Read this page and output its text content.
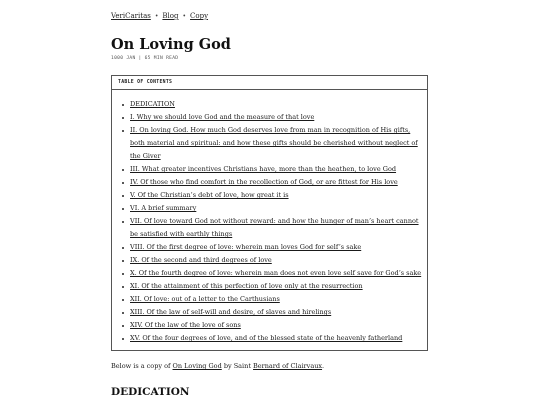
VeriCaritas • Blog • Copy
On Loving God
1000 JAN | 65 MIN READ
TABLE OF CONTENTS
DEDICATION
I. Why we should love God and the measure of that love
II. On loving God. How much God deserves love from man in recognition of His gifts,
both material and spiritual: and how these gifts should be cherished without neglect of
the Giver
III. What greater incentives Christians have, more than the heathen, to love God
IV. Of those who find comfort in the recollection of God, or are fittest for His love
V. Of the Christian’s debt of love, how great it is
VI. A brief summary
VII. Of love toward God not without reward: and how the hunger of man’s heart cannot
be satisfied with earthly things
VIII. Of the first degree of love: wherein man loves God for self’s sake
IX. Of the second and third degrees of love
X. Of the fourth degree of love: wherein man does not even love self save for God’s sake
XI. Of the attainment of this perfection of love only at the resurrection
XII. Of love: out of a letter to the Carthusians
XIII. Of the law of self-will and desire, of slaves and hirelings
XIV. Of the law of the love of sons
XV. Of the four degrees of love, and of the blessed state of the heavenly fatherland

Below is a copy of On Loving God by Saint Bernard of Clairvaux.

DEDICATION
